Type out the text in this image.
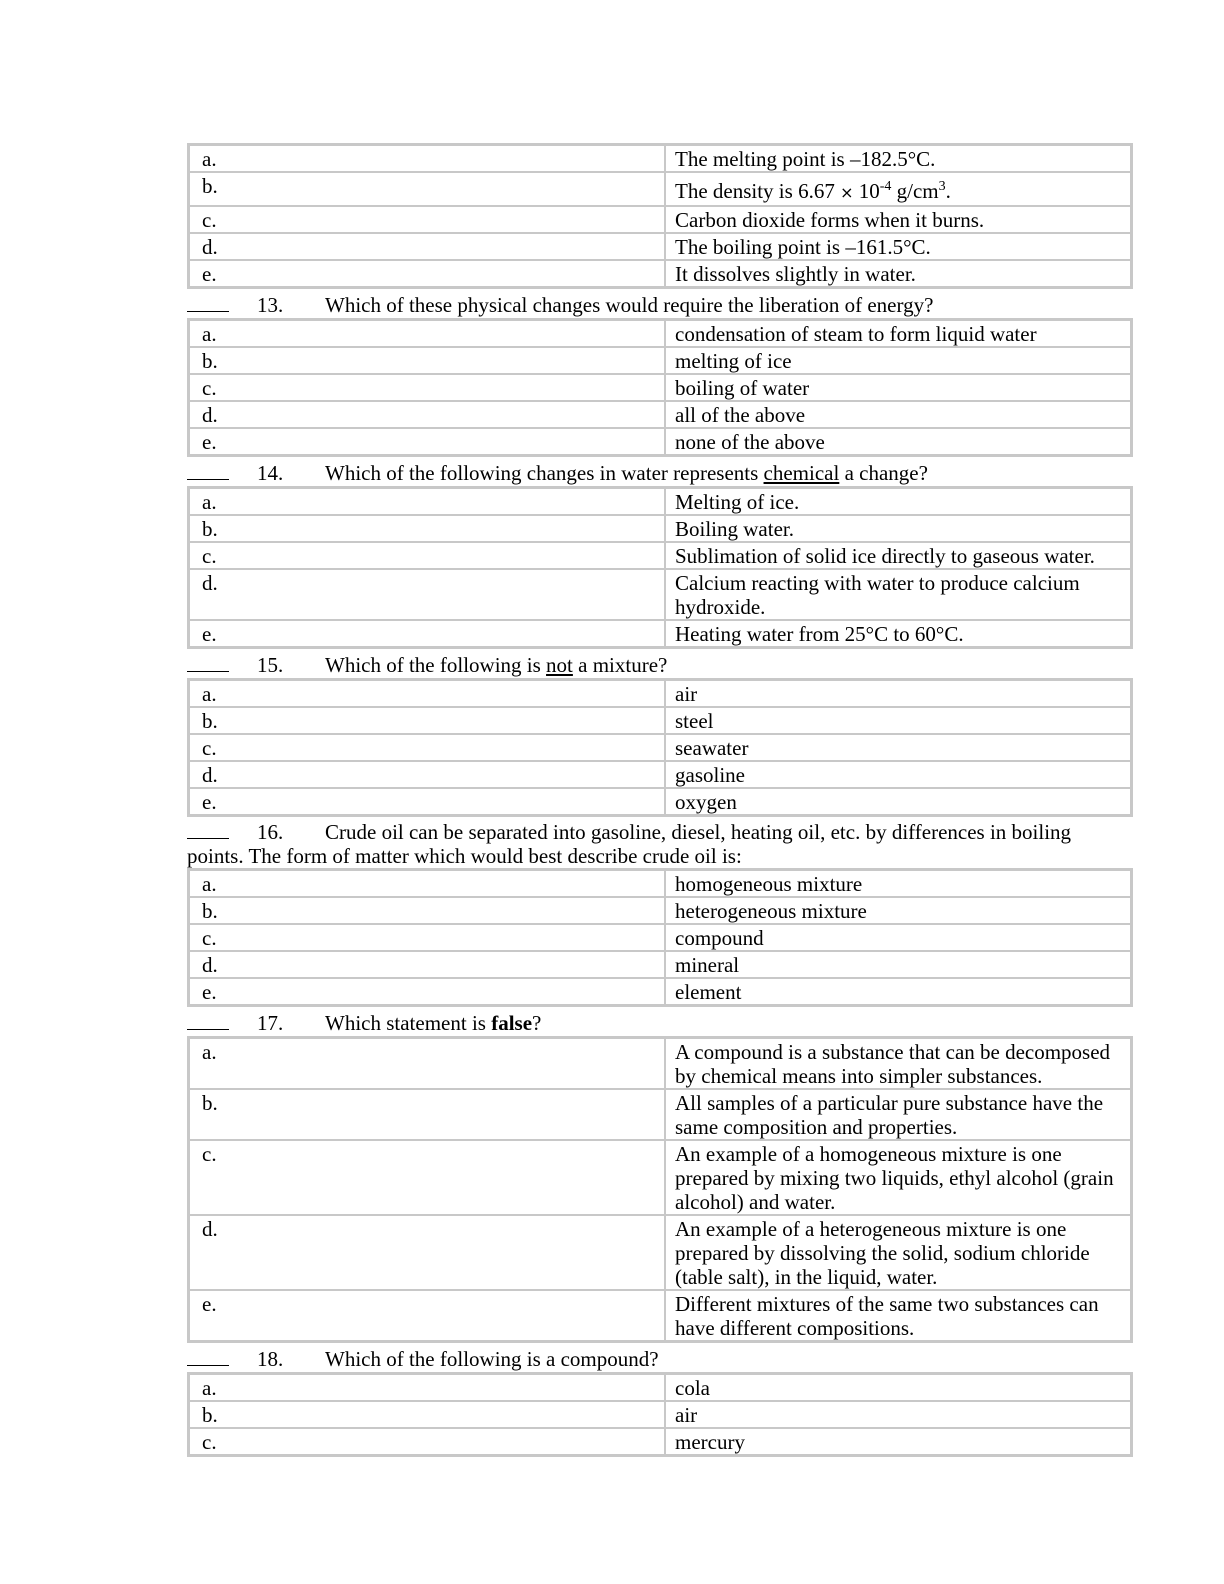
a.	The melting point is –182.5°C.
b.	The density is $6.67 \times 10^{-4}$ $g/cm^3$.
c.	Carbon dioxide forms when it burns.
d.	The boiling point is –161.5°C.
e.	It dissolves slightly in water.
13. Which of these physical changes would require the liberation of energy?
a.	condensation of steam to form liquid water
b.	melting of ice
c.	boiling of water
d.	all of the above
e.	none of the above
14. Which of the following changes in water represents chemical a change?
a.	Melting of ice.
b.	Boiling water.
c.	Sublimation of solid ice directly to gaseous water.
d.	Calcium reacting with water to produce calcium hydroxide.
e.	Heating water from 25°C to 60°C.
15. Which of the following is not a mixture?
a.	air
b.	steel
c.	seawater
d.	gasoline
e.	oxygen
16. Crude oil can be separated into gasoline, diesel, heating oil, etc. by differences in boiling
points. The form of matter which would best describe crude oil is:
a.	homogeneous mixture
b.	heterogeneous mixture
c.	compound
d.	mineral
e.	element
17. Which statement is false?
a.	A compound is a substance that can be decomposed by chemical means into simpler substances.
b.	All samples of a particular pure substance have the same composition and properties.
c.	An example of a homogeneous mixture is one prepared by mixing two liquids, ethyl alcohol (grain alcohol) and water.
d.	An example of a heterogeneous mixture is one prepared by dissolving the solid, sodium chloride (table salt), in the liquid, water.
e.	Different mixtures of the same two substances can have different compositions.
18. Which of the following is a compound?
a.	cola
b.	air
c.	mercury
